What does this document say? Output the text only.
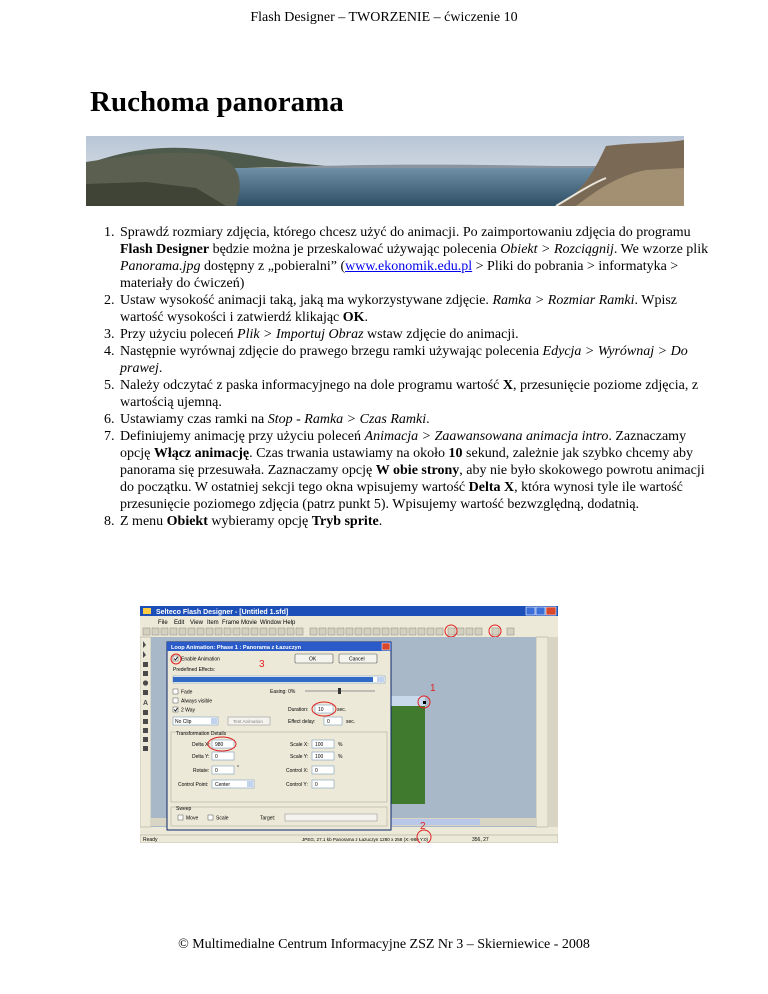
Flash Designer – TWORZENIE – ćwiczenie 10
Ruchoma panorama
1. Sprawdź rozmiary zdjęcia, którego chcesz użyć do animacji. Po zaimportowaniu zdjęcia do programu Flash Designer będzie można je przeskalować używając polecenia Obiekt > Rozciągnij. We wzorze plik Panorama.jpg dostępny z „pobieralni” (www.ekonomik.edu.pl > Pliki do pobrania > informatyka > materiały do ćwiczeń)
2. Ustaw wysokość animacji taką, jaką ma wykorzystywane zdjęcie. Ramka > Rozmiar Ramki. Wpisz wartość wysokości i zatwierdź klikając OK.
3. Przy użyciu poleceń Plik > Importuj Obraz wstaw zdjęcie do animacji.
4. Następnie wyrównaj zdjęcie do prawego brzegu ramki używając polecenia Edycja > Wyrównaj > Do prawej.
5. Należy odczytać z paska informacyjnego na dole programu wartość X, przesunięcie poziome zdjęcia, z wartością ujemną.
6. Ustawiamy czas ramki na Stop - Ramka > Czas Ramki.
7. Definiujemy animację przy użyciu poleceń Animacja > Zaawansowana animacja intro. Zaznaczamy opcję Włącz animację. Czas trwania ustawiamy na około 10 sekund, zależnie jak szybko chcemy aby panorama się przesuwała. Zaznaczamy opcję W obie strony, aby nie było skokowego powrotu animacji do początku. W ostatniej sekcji tego okna wpisujemy wartość Delta X, która wynosi tyle ile wartość przesunięcie poziomego zdjęcia (patrz punkt 5). Wpisujemy wartość bezwzględną, dodatnią.
8. Z menu Obiekt wybieramy opcję Tryb sprite.
Selteco Flash Designer - [Untitled 1.sfd]
File Edit View Item Frame Movie Window Help
A
1
Ready	JPEG, 27.1 kb Panorama z Łazuczyn 1280 x 258 (X:-980 Y:0)	356, 27
2
Loop Animation: Phase 1 : Panorama z Łazuczyn
Enable Animation	3	OK	Cancel
Predefined Effects:
Fade
Always visible
2 Way
Easing: 0%
Duration: 10	sec.
No Clip	Test Animation	Effect delay: 0	sec.
Transformation Details
Delta X: 980
Delta Y: 0
Rotate: 0	°
Control Point: Center
Scale X: 100	%
Scale Y: 100	%
Control X: 0
Control Y: 0
Sweep
Move	Scale	Target:
© Multimedialne Centrum Informacyjne ZSZ Nr 3 – Skierniewice - 2008
